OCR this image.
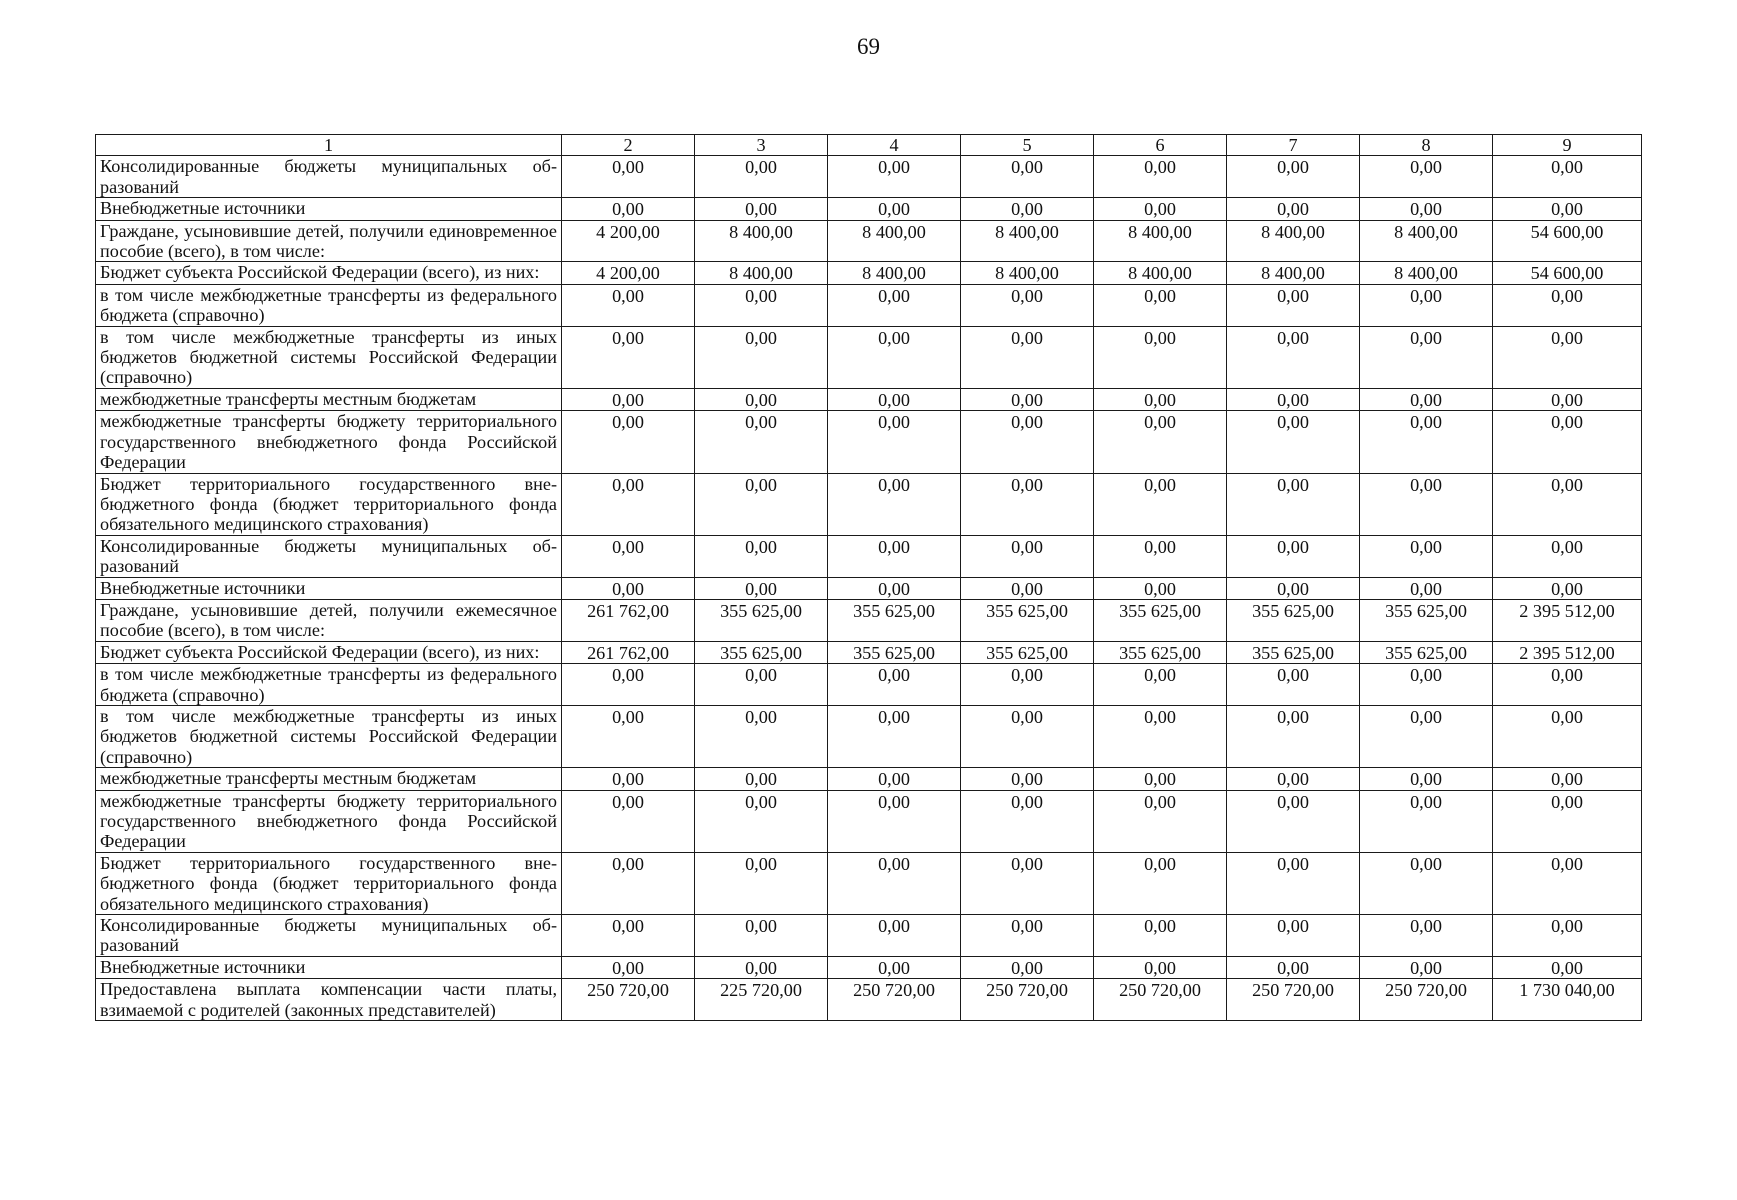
69
1	2	3	4	5	6	7	8	9
Консолидированные бюджеты муниципальных образований	0,00	0,00	0,00	0,00	0,00	0,00	0,00	0,00
Внебюджетные источники	0,00	0,00	0,00	0,00	0,00	0,00	0,00	0,00
Граждане, усыновившие детей, получили единовременное пособие (всего), в том числе:	4 200,00	8 400,00	8 400,00	8 400,00	8 400,00	8 400,00	8 400,00	54 600,00
Бюджет субъекта Российской Федерации (всего), из них:	4 200,00	8 400,00	8 400,00	8 400,00	8 400,00	8 400,00	8 400,00	54 600,00
в том числе межбюджетные трансферты из федерального бюджета (справочно)	0,00	0,00	0,00	0,00	0,00	0,00	0,00	0,00
в том числе межбюджетные трансферты из иных бюджетов бюджетной системы Российской Федерации (справочно)	0,00	0,00	0,00	0,00	0,00	0,00	0,00	0,00
межбюджетные трансферты местным бюджетам	0,00	0,00	0,00	0,00	0,00	0,00	0,00	0,00
межбюджетные трансферты бюджету территориального государственного внебюджетного фонда Российской Федерации	0,00	0,00	0,00	0,00	0,00	0,00	0,00	0,00
Бюджет территориального государственного внебюджетного фонда (бюджет территориального фонда обязательного медицинского страхования)	0,00	0,00	0,00	0,00	0,00	0,00	0,00	0,00
Консолидированные бюджеты муниципальных образований	0,00	0,00	0,00	0,00	0,00	0,00	0,00	0,00
Внебюджетные источники	0,00	0,00	0,00	0,00	0,00	0,00	0,00	0,00
Граждане, усыновившие детей, получили ежемесячное пособие (всего), в том числе:	261 762,00	355 625,00	355 625,00	355 625,00	355 625,00	355 625,00	355 625,00	2 395 512,00
Бюджет субъекта Российской Федерации (всего), из них:	261 762,00	355 625,00	355 625,00	355 625,00	355 625,00	355 625,00	355 625,00	2 395 512,00
в том числе межбюджетные трансферты из федерального бюджета (справочно)	0,00	0,00	0,00	0,00	0,00	0,00	0,00	0,00
в том числе межбюджетные трансферты из иных бюджетов бюджетной системы Российской Федерации (справочно)	0,00	0,00	0,00	0,00	0,00	0,00	0,00	0,00
межбюджетные трансферты местным бюджетам	0,00	0,00	0,00	0,00	0,00	0,00	0,00	0,00
межбюджетные трансферты бюджету территориального государственного внебюджетного фонда Российской Федерации	0,00	0,00	0,00	0,00	0,00	0,00	0,00	0,00
Бюджет территориального государственного внебюджетного фонда (бюджет территориального фонда обязательного медицинского страхования)	0,00	0,00	0,00	0,00	0,00	0,00	0,00	0,00
Консолидированные бюджеты муниципальных образований	0,00	0,00	0,00	0,00	0,00	0,00	0,00	0,00
Внебюджетные источники	0,00	0,00	0,00	0,00	0,00	0,00	0,00	0,00
Предоставлена выплата компенсации части платы, взимаемой с родителей (законных представителей)	250 720,00	225 720,00	250 720,00	250 720,00	250 720,00	250 720,00	250 720,00	1 730 040,00
